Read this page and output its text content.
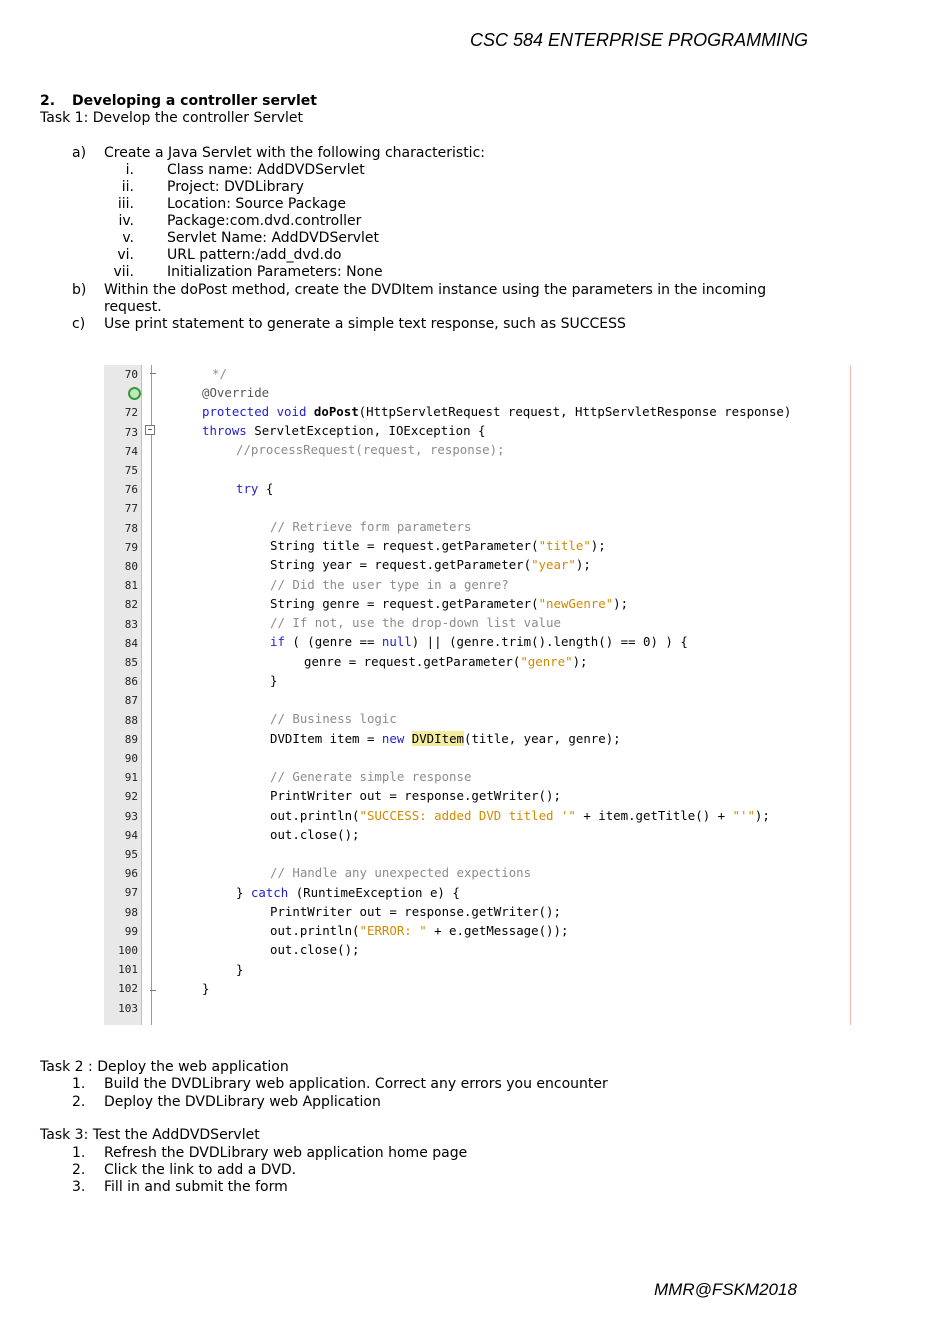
CSC 584 ENTERPRISE PROGRAMMING
2. Developing a controller servlet
Task 1: Develop the controller Servlet
a) Create a Java Servlet with the following characteristic:
i. Class name: AddDVDServlet
ii. Project: DVDLibrary
iii. Location: Source Package
iv. Package:com.dvd.controller
v. Servlet Name: AddDVDServlet
vi. URL pattern:/add_dvd.do
vii. Initialization Parameters: None
b) Within the doPost method, create the DVDItem instance using the parameters in the incoming
request.
c) Use print statement to generate a simple text response, such as SUCCESS
−
70
72
73
74
75
76
77
78
79
80
81
82
83
84
85
86
87
88
89
90
91
92
93
94
95
96
97
98
99
100
101
102
103
*/
@Override
protected void doPost(HttpServletRequest request, HttpServletResponse response)
throws ServletException, IOException {
//processRequest(request, response);
try {
// Retrieve form parameters
String title = request.getParameter("title");
String year = request.getParameter("year");
// Did the user type in a genre?
String genre = request.getParameter("newGenre");
// If not, use the drop-down list value
if ( (genre == null) || (genre.trim().length() == 0) ) {
genre = request.getParameter("genre");
}
// Business logic
DVDItem item = new DVDItem(title, year, genre);
// Generate simple response
PrintWriter out = response.getWriter();
out.println("SUCCESS: added DVD titled '" + item.getTitle() + "'");
out.close();
// Handle any unexpected expections
} catch (RuntimeException e) {
PrintWriter out = response.getWriter();
out.println("ERROR: " + e.getMessage());
out.close();
}
}
Task 2 : Deploy the web application
1. Build the DVDLibrary web application. Correct any errors you encounter
2. Deploy the DVDLibrary web Application
Task 3: Test the AddDVDServlet
1. Refresh the DVDLibrary web application home page
2. Click the link to add a DVD.
3. Fill in and submit the form
MMR@FSKM2018
